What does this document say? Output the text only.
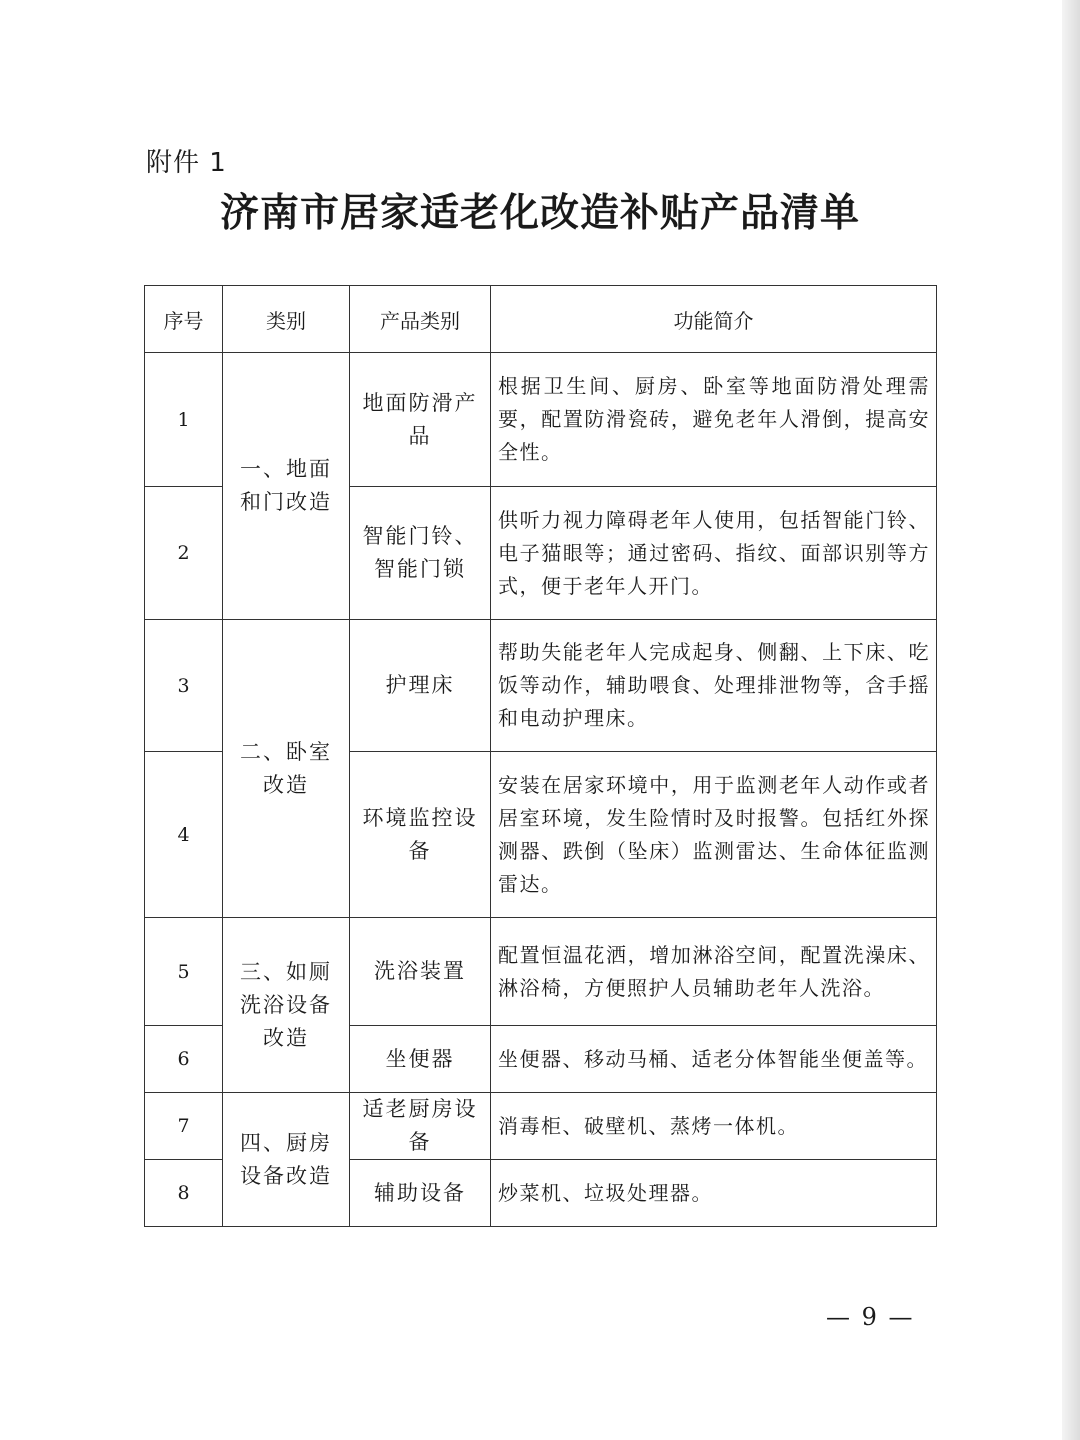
附件 1
济南市居家适老化改造补贴产品清单
序号	类别	产品类别	功能简介
1	一、地面和门改造	地面防滑产品	根据卫生间、厨房、卧室等地面防滑处理需要，配置防滑瓷砖，避免老年人滑倒，提高安全性。
2		智能门铃、智能门锁	供听力视力障碍老年人使用，包括智能门铃、电子猫眼等；通过密码、指纹、面部识别等方式，便于老年人开门。
3	二、卧室改造	护理床	帮助失能老年人完成起身、侧翻、上下床、吃饭等动作，辅助喂食、处理排泄物等，含手摇和电动护理床。
4		环境监控设备	安装在居家环境中，用于监测老年人动作或者居室环境，发生险情时及时报警。包括红外探测器、跌倒（坠床）监测雷达、生命体征监测雷达。
5	三、如厕洗浴设备改造	洗浴装置	配置恒温花洒，增加淋浴空间，配置洗澡床、淋浴椅，方便照护人员辅助老年人洗浴。
6		坐便器	坐便器、移动马桶、适老分体智能坐便盖等。
7	四、厨房设备改造	适老厨房设备	消毒柜、破壁机、蒸烤一体机。
8		辅助设备	炒菜机、垃圾处理器。
— 9 —
